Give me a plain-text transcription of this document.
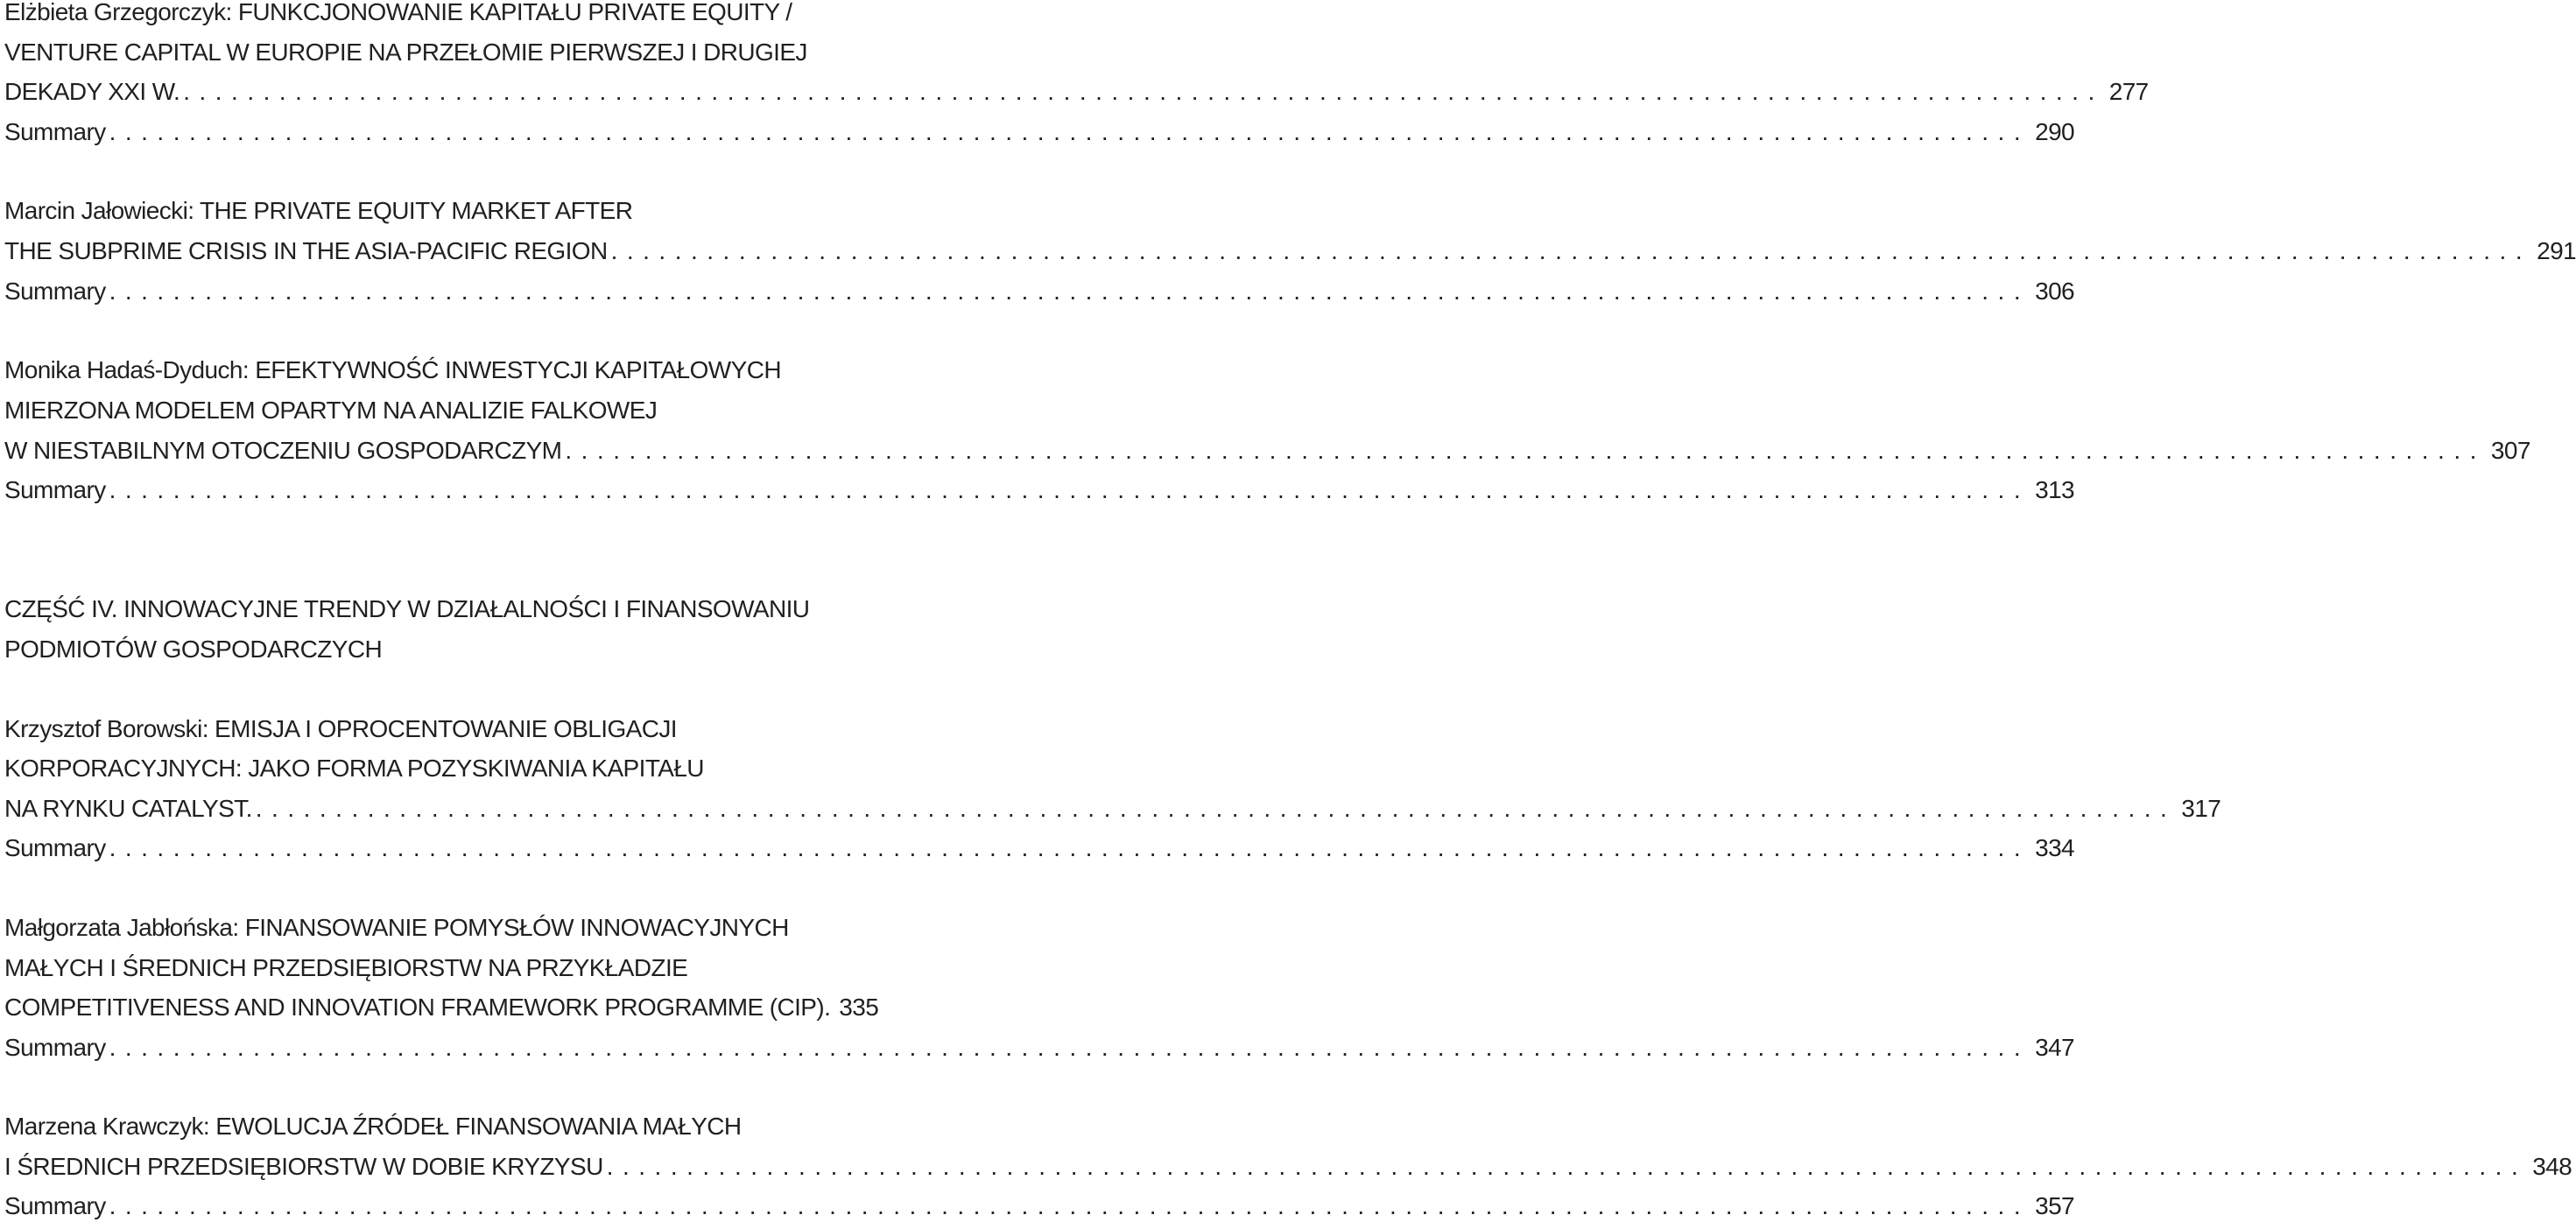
Elżbieta Grzegorczyk: FUNKCJONOWANIE KAPITAŁU PRIVATE EQUITY /
VENTURE CAPITAL W EUROPIE NA PRZEŁOMIE PIERWSZEJ I DRUGIEJ
DEKADY XXI W. ........................................................................................................................ 277
Summary ........................................................................................................................ 290
Marcin Jałowiecki: THE PRIVATE EQUITY MARKET AFTER
THE SUBPRIME CRISIS IN THE ASIA-PACIFIC REGION ........................................................................................................................ 291
Summary ........................................................................................................................ 306
Monika Hadaś-Dyduch: EFEKTYWNOŚĆ INWESTYCJI KAPITAŁOWYCH
MIERZONA MODELEM OPARTYM NA ANALIZIE FALKOWEJ
W NIESTABILNYM OTOCZENIU GOSPODARCZYM ........................................................................................................................ 307
Summary ........................................................................................................................ 313
CZĘŚĆ IV. INNOWACYJNE TRENDY W DZIAŁALNOŚCI I FINANSOWANIU
PODMIOTÓW GOSPODARCZYCH
Krzysztof Borowski: EMISJA I OPROCENTOWANIE OBLIGACJI
KORPORACYJNYCH: JAKO FORMA POZYSKIWANIA KAPITAŁU
NA RYNKU CATALYST. ........................................................................................................................ 317
Summary ........................................................................................................................ 334
Małgorzata Jabłońska: FINANSOWANIE POMYSŁÓW INNOWACYJNYCH
MAŁYCH I ŚREDNICH PRZEDSIĘBIORSTW NA PRZYKŁADZIE
COMPETITIVENESS AND INNOVATION FRAMEWORK PROGRAMME (CIP). 335
Summary ........................................................................................................................ 347
Marzena Krawczyk: EWOLUCJA ŹRÓDEŁ FINANSOWANIA MAŁYCH
I ŚREDNICH PRZEDSIĘBIORSTW W DOBIE KRYZYSU ........................................................................................................................ 348
Summary ........................................................................................................................ 357
